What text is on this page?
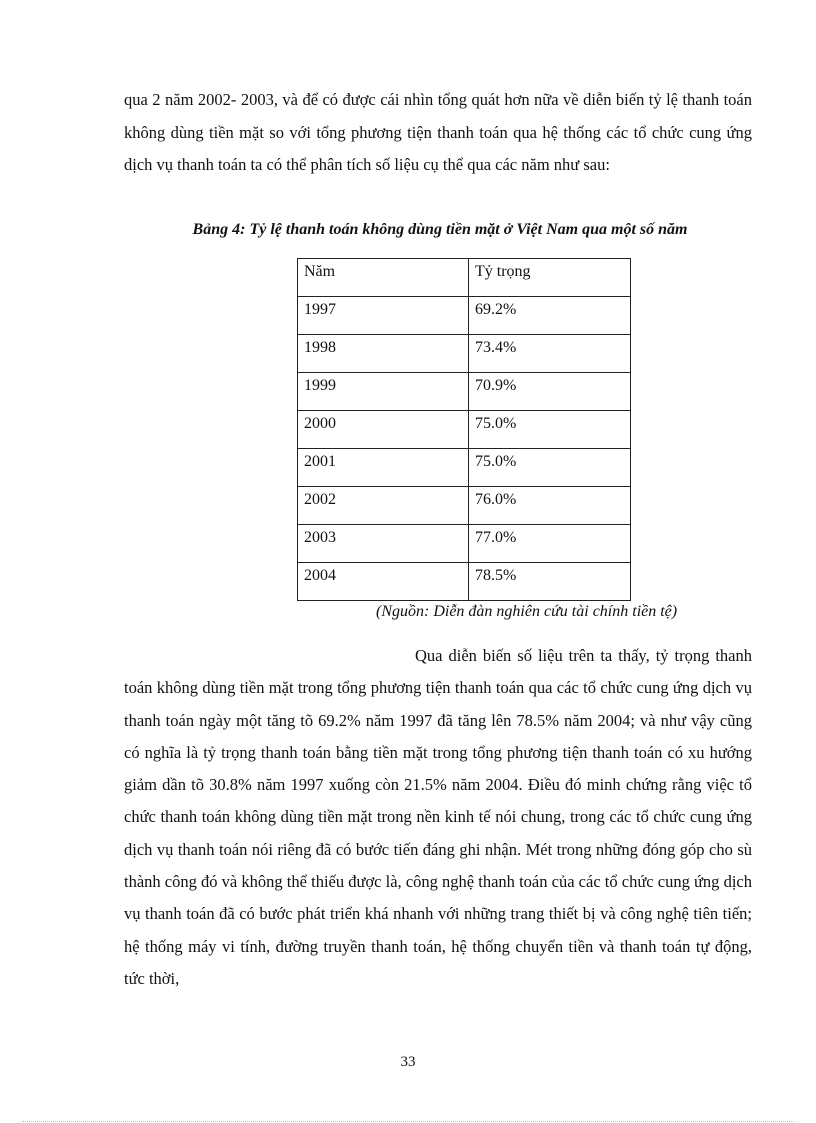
qua 2 năm 2002- 2003, và để có được cái nhìn tổng quát hơn nữa về diễn biến tỷ lệ thanh toán không dùng tiền mặt so với tổng phương tiện thanh toán qua hệ thống các tổ chức cung ứng dịch vụ thanh toán ta có thể phân tích số liệu cụ thể qua các năm như sau:

Bảng 4: Tỷ lệ thanh toán không dùng tiền mặt ở Việt Nam qua một số năm
Năm	Tỷ trọng
1997	69.2%
1998	73.4%
1999	70.9%
2000	75.0%
2001	75.0%
2002	76.0%
2003	77.0%
2004	78.5%
(Nguồn: Diễn đàn nghiên cứu tài chính tiền tệ)

Qua diễn biến số liệu trên ta thấy, tỷ trọng thanh toán không dùng tiền mặt trong tổng phương tiện thanh toán qua các tổ chức cung ứng dịch vụ thanh toán ngày một tăng tõ 69.2% năm 1997 đã tăng lên 78.5% năm 2004; và như vậy cũng có nghĩa là tỷ trọng thanh toán bằng tiền mặt trong tổng phương tiện thanh toán có xu hướng giảm dần tõ 30.8% năm 1997 xuống còn 21.5% năm 2004. Điều đó minh chứng rằng việc tổ chức thanh toán không dùng tiền mặt trong nền kinh tế nói chung, trong các tổ chức cung ứng dịch vụ thanh toán nói riêng đã có bước tiến đáng ghi nhận. Mét trong những đóng góp cho sù thành công đó và không thể thiếu được là, công nghệ thanh toán của các tổ chức cung ứng dịch vụ thanh toán đã có bước phát triển khá nhanh với những trang thiết bị và công nghệ tiên tiến; hệ thống máy vi tính, đường truyền thanh toán, hệ thống chuyển tiền và thanh toán tự động, tức thời,

33
